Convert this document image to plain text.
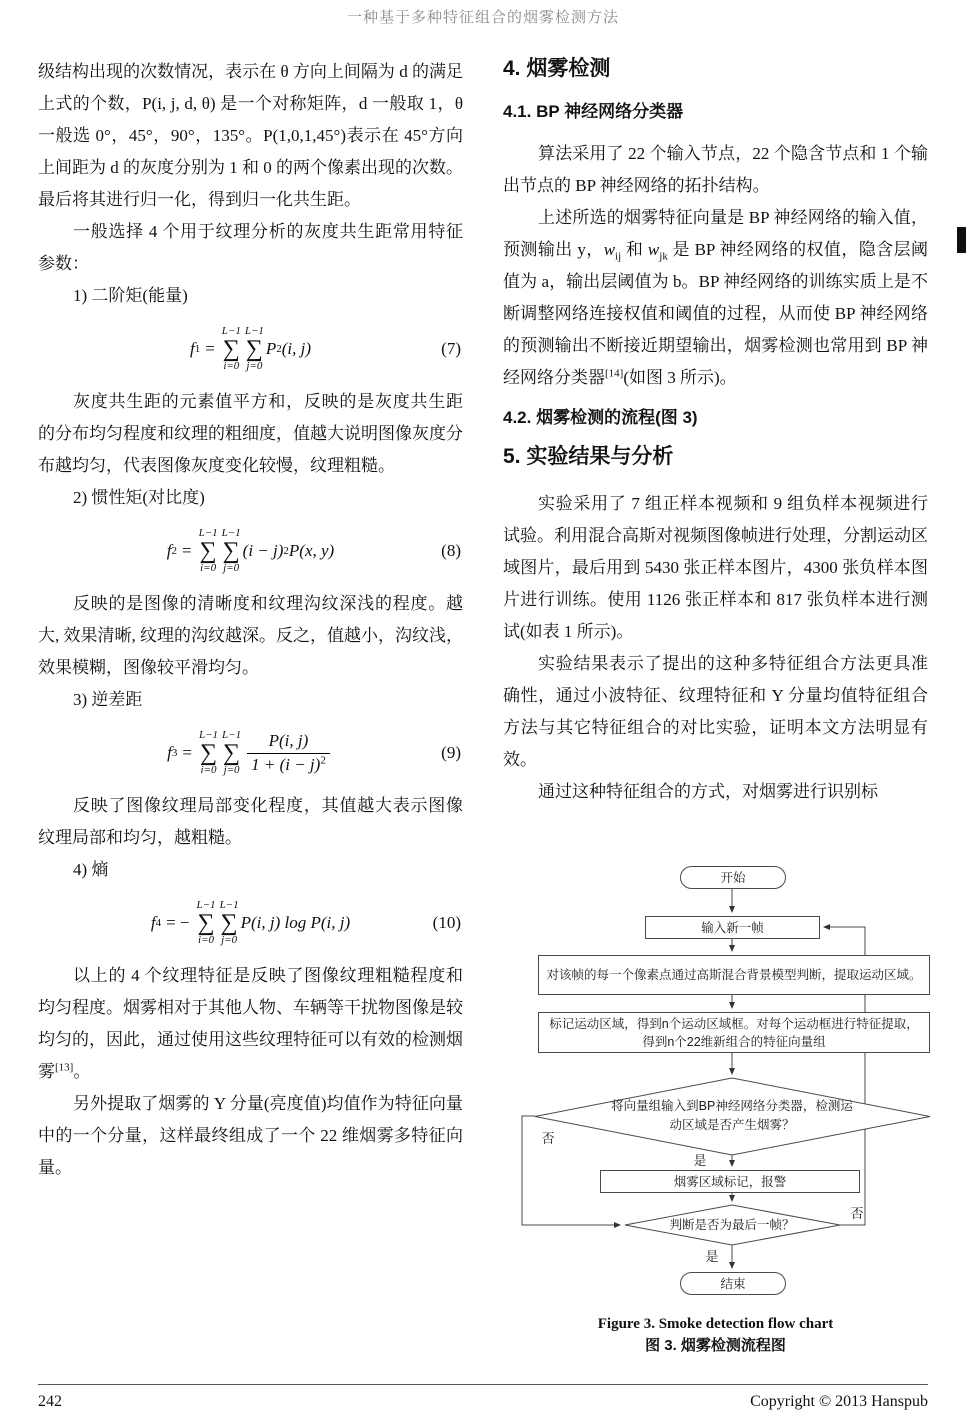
一种基于多种特征组合的烟雾检测方法

级结构出现的次数情况，表示在 θ 方向上间隔为 d 的满足上式的个数，P(i, j, d, θ) 是一个对称矩阵，d 一般取 1，θ 一般选 0°，45°，90°，135°。P(1,0,1,45°)表示在 45°方向上间距为 d 的灰度分别为 1 和 0 的两个像素出现的次数。最后将其进行归一化，得到归一化共生距。

一般选择 4 个用于纹理分析的灰度共生距常用特征参数：

1) 二阶矩(能量)

f 1 =
L−1
∑
i=0
L−1
∑
j=0
P 2 (i, j)	(7)

灰度共生距的元素值平方和，反映的是灰度共生距的分布均匀程度和纹理的粗细度，值越大说明图像灰度分布越均匀，代表图像灰度变化较慢，纹理粗糙。

2) 惯性矩(对比度)

f 2 =
L−1
∑
i=0
L−1
∑
j=0
(i − j) 2 P(x, y)	(8)

反映的是图像的清晰度和纹理沟纹深浅的程度。越大, 效果清晰, 纹理的沟纹越深。反之，值越小，沟纹浅，效果模糊，图像较平滑均匀。

3) 逆差距

f 3 =
L−1
∑
i=0
L−1
∑
$j=0 \frac{P(i, j)}{1 + (i - j)^2}$	(9)

反映了图像纹理局部变化程度，其值越大表示图像纹理局部和均匀，越粗糙。

4) 熵

f 4 = −
L−1
∑
i=0
L−1
∑
j=0
P(i, j) log P(i, j)	(10)

以上的 4 个纹理特征是反映了图像纹理粗糙程度和均匀程度。烟雾相对于其他人物、车辆等干扰物图像是较均匀的，因此，通过使用这些纹理特征可以有效的检测烟雾[13]。

另外提取了烟雾的 Y 分量(亮度值)均值作为特征向量中的一个分量，这样最终组成了一个 22 维烟雾多特征向量。

4. 烟雾检测
4.1. BP 神经网络分类器

算法采用了 22 个输入节点，22 个隐含节点和 1 个输出节点的 BP 神经网络的拓扑结构。

上述所选的烟雾特征向量是 BP 神经网络的输入值，预测输出 y，$w_{ij}$ 和 $w_{jk}$ 是 BP 神经网络的权值，隐含层阈值为 a，输出层阈值为 b。BP 神经网络的训练实质上是不断调整网络连接权值和阈值的过程，从而使 BP 神经网络的预测输出不断接近期望输出，烟雾检测也常用到 BP 神经网络分类器[14](如图 3 所示)。

4.2. 烟雾检测的流程(图 3)
5. 实验结果与分析

实验采用了 7 组正样本视频和 9 组负样本视频进行试验。利用混合高斯对视频图像帧进行处理，分割运动区域图片，最后用到 5430 张正样本图片，4300 张负样本图片进行训练。使用 1126 张正样本和 817 张负样本进行测试(如表 1 所示)。

实验结果表示了提出的这种多特征组合方法更具准确性，通过小波特征、纹理特征和 Y 分量均值特征组合方法与其它特征组合的对比实验，证明本文方法明显有效。

通过这种特征组合的方式，对烟雾进行识别标

否
是
否
是
开始
输入新一帧
对该帧的每一个像素点通过高斯混合背景模型判断，提取运动区域。
标记运动区域，得到n个运动区域框。对每个运动框进行特征提取，得到n个22维新组合的特征向量组
将向量组输入到BP神经网络分类器，检测运动区域是否产生烟雾？
烟雾区域标记，报警
判断是否为最后一帧？
结束
Figure 3. Smoke detection flow chart
图 3. 烟雾检测流程图
242	Copyright © 2013 Hanspub
